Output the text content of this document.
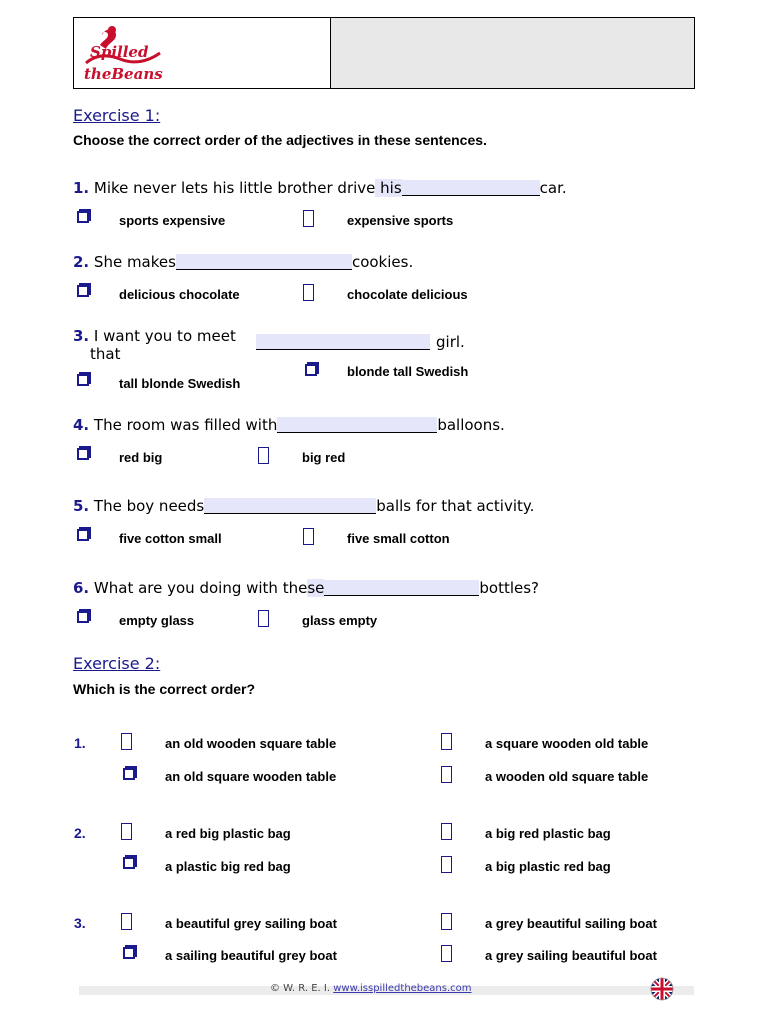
Spilled
theBeans
Exercise 1:
Choose the correct order of the adjectives in these sentences.
1. Mike never lets his little brother drive his	car.
sports expensive	expensive sports
2. She makes	cookies.
delicious chocolate	chocolate delicious
3. I want you to meet
that
girl.
tall blonde Swedish
blonde tall Swedish
4. The room was filled with	balloons.
red big	big red
5. The boy needs	balls for that activity.
five cotton small	five small cotton
6. What are you doing with these	bottles?
empty glass	glass empty
Exercise 2:
Which is the correct order?
1.	an old wooden square table	a square wooden old table
an old square wooden table	a wooden old square table
2.	a red big plastic bag	a big red plastic bag
a plastic big red bag	a big plastic red bag
3.	a beautiful grey sailing boat	a grey beautiful sailing boat
a sailing beautiful grey boat	a grey sailing beautiful boat
© W. R. E. I. www.isspilledthebeans.com
